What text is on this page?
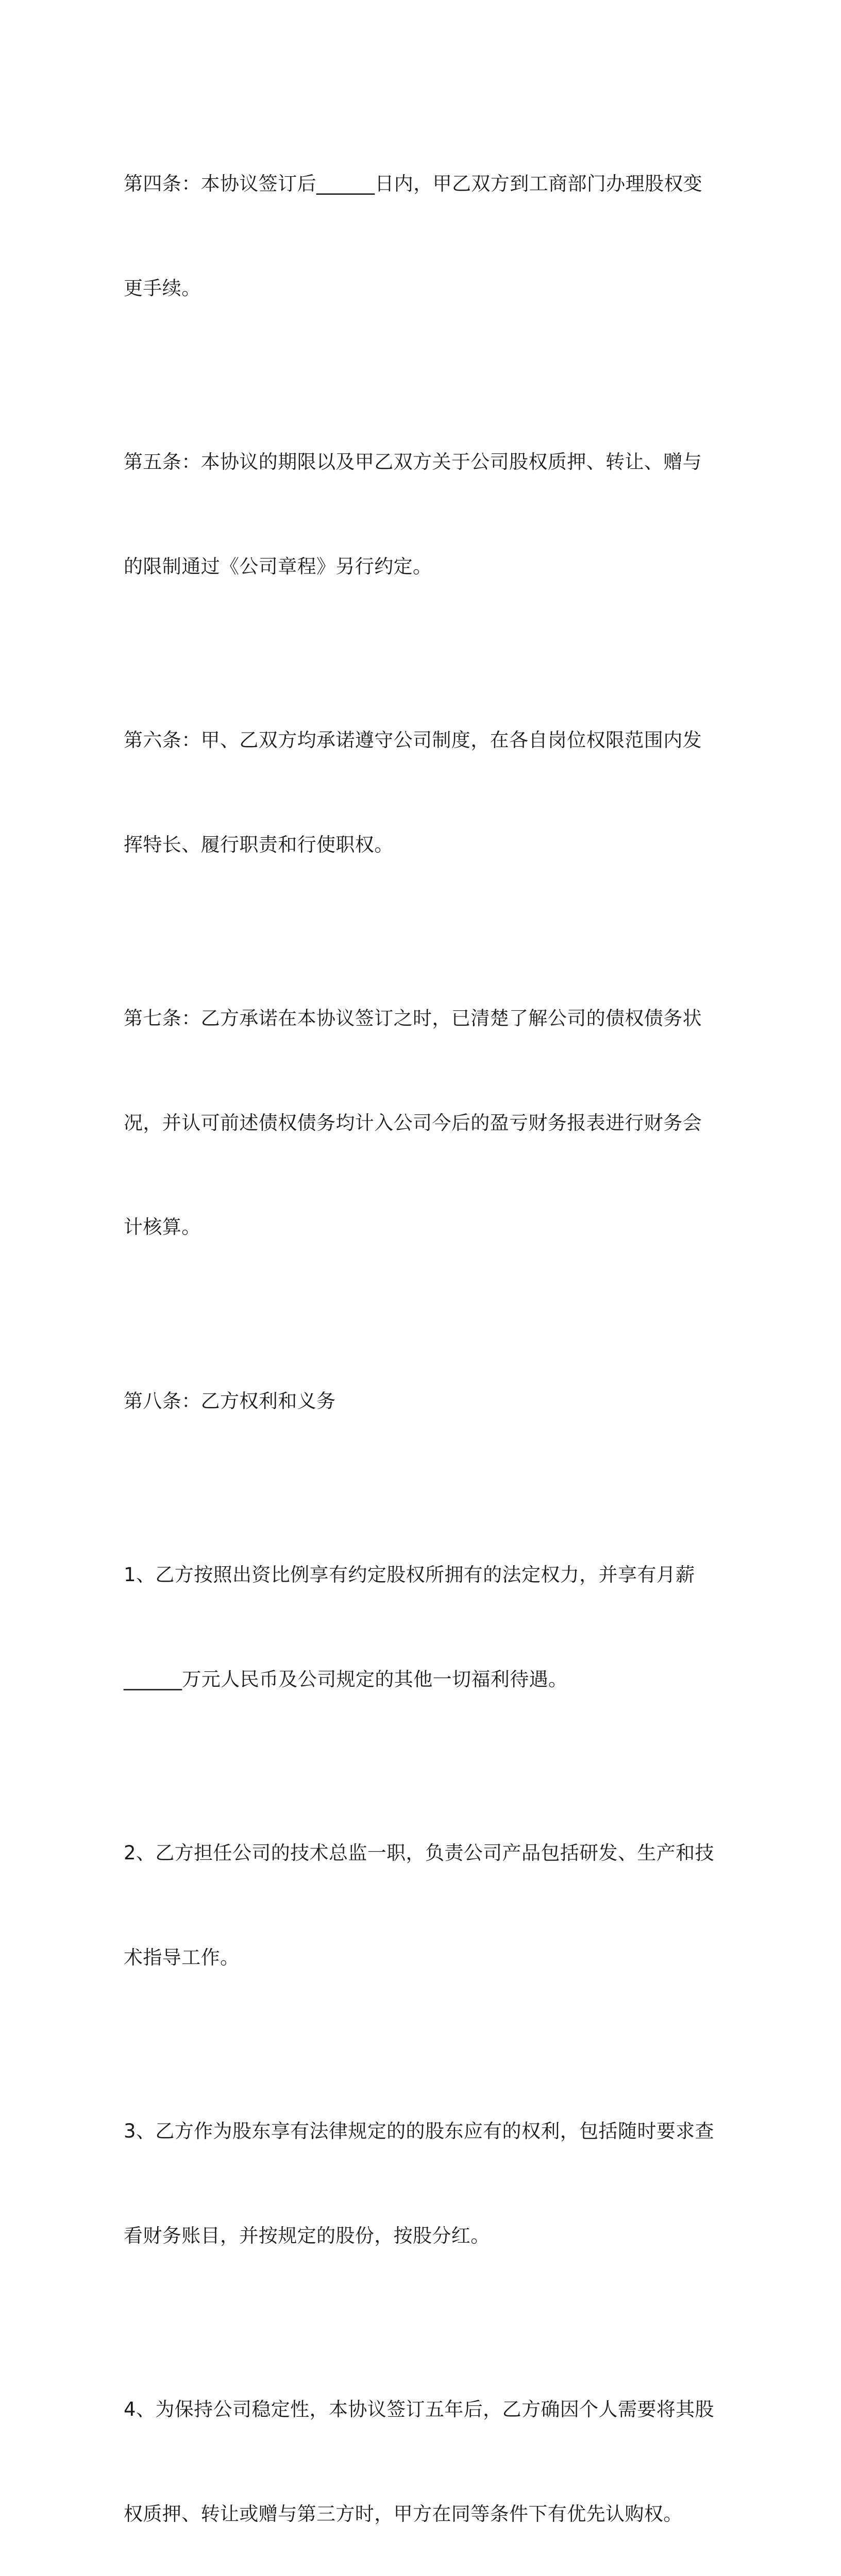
第四条：本协议签订后______日内，甲乙双方到工商部门办理股权变

更手续。

第五条：本协议的期限以及甲乙双方关于公司股权质押、转让、赠与

的限制通过《公司章程》另行约定。

第六条：甲、乙双方均承诺遵守公司制度，在各自岗位权限范围内发

挥特长、履行职责和行使职权。

第七条：乙方承诺在本协议签订之时，已清楚了解公司的债权债务状

况，并认可前述债权债务均计入公司今后的盈亏财务报表进行财务会

计核算。

第八条：乙方权利和义务

1、乙方按照出资比例享有约定股权所拥有的法定权力，并享有月薪

______万元人民币及公司规定的其他一切福利待遇。

2、乙方担任公司的技术总监一职，负责公司产品包括研发、生产和技

术指导工作。

3、乙方作为股东享有法律规定的的股东应有的权利，包括随时要求查

看财务账目，并按规定的股份，按股分红。

4、为保持公司稳定性，本协议签订五年后，乙方确因个人需要将其股

权质押、转让或赠与第三方时，甲方在同等条件下有优先认购权。
